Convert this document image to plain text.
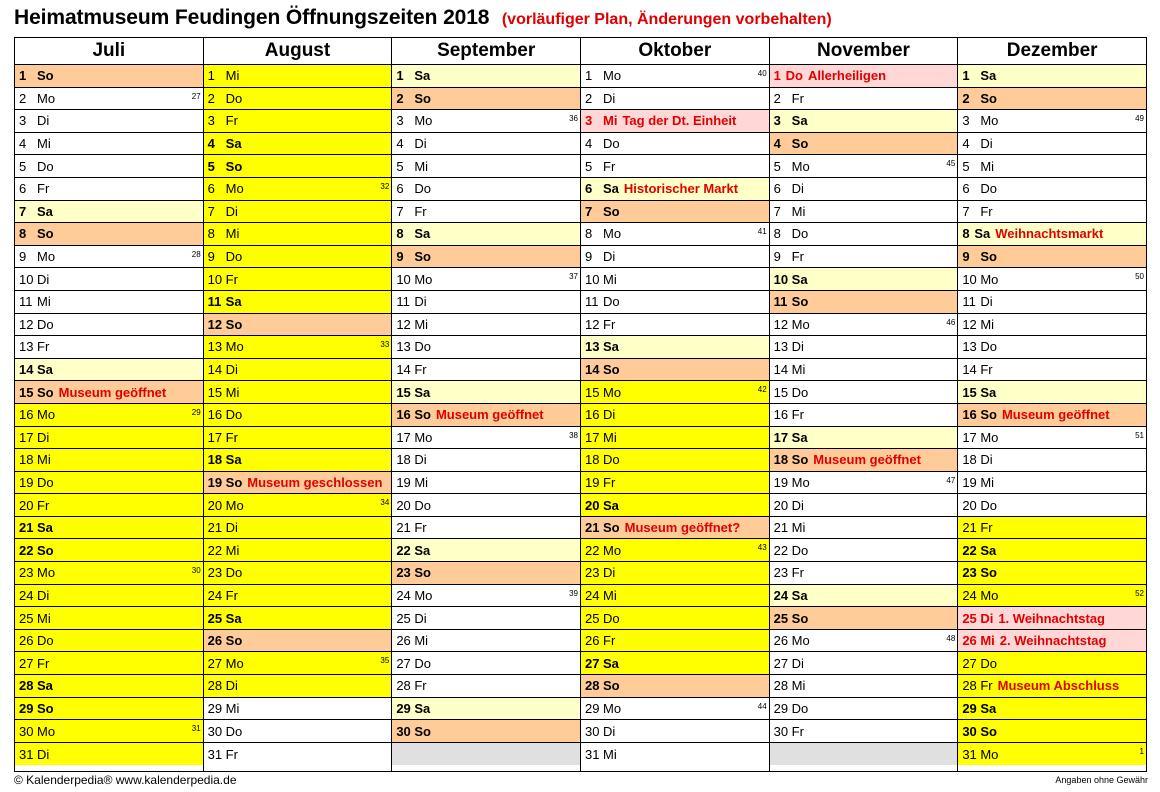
Heimatmuseum Feudingen Öffnungszeiten 2018 (vorläufiger Plan, Änderungen vorbehalten)
Juli
1 So
2 Mo	27
3 Di
4 Mi
5 Do
6 Fr
7 Sa
8 So
9 Mo	28
10 Di
11 Mi
12 Do
13 Fr
14 Sa
15 So Museum geöffnet
16 Mo	29
17 Di
18 Mi
19 Do
20 Fr
21 Sa
22 So
23 Mo	30
24 Di
25 Mi
26 Do
27 Fr
28 Sa
29 So
30 Mo	31
31 Di
August
1 Mi
2 Do
3 Fr
4 Sa
5 So
6 Mo	32
7 Di
8 Mi
9 Do
10 Fr
11 Sa
12 So
13 Mo	33
14 Di
15 Mi
16 Do
17 Fr
18 Sa
19 So Museum geschlossen
20 Mo	34
21 Di
22 Mi
23 Do
24 Fr
25 Sa
26 So
27 Mo	35
28 Di
29 Mi
30 Do
31 Fr
September
1 Sa
2 So
3 Mo	36
4 Di
5 Mi
6 Do
7 Fr
8 Sa
9 So
10 Mo	37
11 Di
12 Mi
13 Do
14 Fr
15 Sa
16 So Museum geöffnet
17 Mo	38
18 Di
19 Mi
20 Do
21 Fr
22 Sa
23 So
24 Mo	39
25 Di
26 Mi
27 Do
28 Fr
29 Sa
30 So
Oktober
1 Mo	40
2 Di
3 Mi Tag der Dt. Einheit
4 Do
5 Fr
6 Sa Historischer Markt
7 So
8 Mo	41
9 Di
10 Mi
11 Do
12 Fr
13 Sa
14 So
15 Mo	42
16 Di
17 Mi
18 Do
19 Fr
20 Sa
21 So Museum geöffnet?
22 Mo	43
23 Di
24 Mi
25 Do
26 Fr
27 Sa
28 So
29 Mo	44
30 Di
31 Mi
November
1 Do Allerheiligen
2 Fr
3 Sa
4 So
5 Mo	45
6 Di
7 Mi
8 Do
9 Fr
10 Sa
11 So
12 Mo	46
13 Di
14 Mi
15 Do
16 Fr
17 Sa
18 So Museum geöffnet
19 Mo	47
20 Di
21 Mi
22 Do
23 Fr
24 Sa
25 So
26 Mo	48
27 Di
28 Mi
29 Do
30 Fr
Dezember
1 Sa
2 So
3 Mo	49
4 Di
5 Mi
6 Do
7 Fr
8 Sa Weihnachtsmarkt
9 So
10 Mo	50
11 Di
12 Mi
13 Do
14 Fr
15 Sa
16 So Museum geöffnet
17 Mo	51
18 Di
19 Mi
20 Do
21 Fr
22 Sa
23 So
24 Mo	52
25 Di 1. Weihnachtstag
26 Mi 2. Weihnachtstag
27 Do
28 Fr Museum Abschluss
29 Sa
30 So
31 Mo	1
© Kalenderpedia® www.kalenderpedia.de	Angaben ohne Gewähr
